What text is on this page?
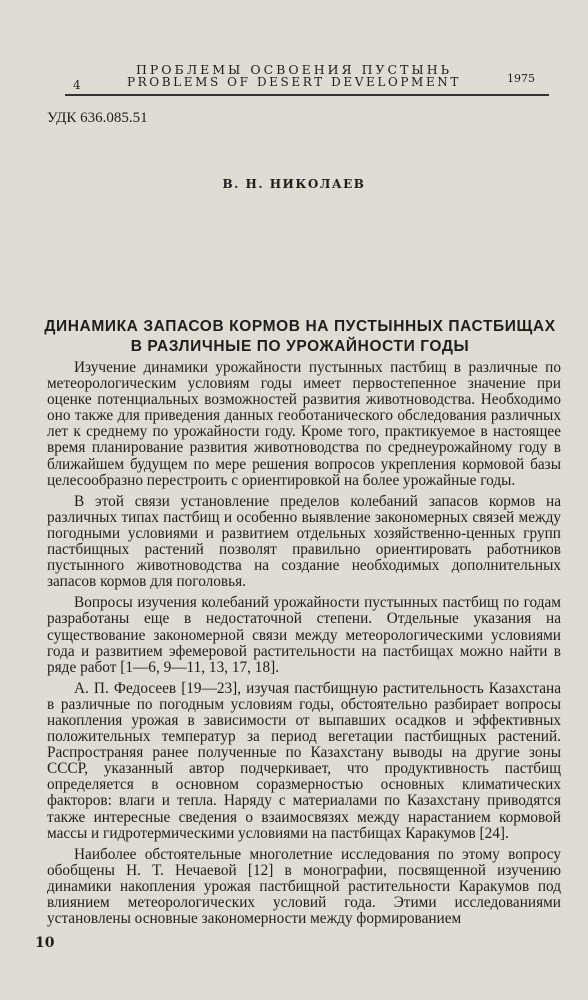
4
ПРОБЛЕМЫ ОСВОЕНИЯ ПУСТЫНЬ
PROBLEMS OF DESERT DEVELOPMENT	1975
УДК 636.085.51
В. Н. НИКОЛАЕВ
ДИНАМИКА ЗАПАСОВ КОРМОВ НА ПУСТЫННЫХ ПАСТБИЩАХ
В РАЗЛИЧНЫЕ ПО УРОЖАЙНОСТИ ГОДЫ

Изучение динамики урожайности пустынных пастбищ в различные по метеорологическим условиям годы имеет первостепенное значение при оценке потенциальных возможностей развития животноводства. Необходимо оно также для приведения данных геоботанического обследования различных лет к среднему по урожайности году. Кроме того, практикуемое в настоящее время планирование развития животноводства по среднеурожайному году в ближайшем будущем по мере решения вопросов укрепления кормовой базы целесообразно перестроить с ориентировкой на более урожайные годы.

В этой связи установление пределов колебаний запасов кормов на различных типах пастбищ и особенно выявление закономерных связей между погодными условиями и развитием отдельных хозяйственно-ценных групп пастбищных растений позволят правильно ориентировать работников пустынного животноводства на создание необходимых дополнительных запасов кормов для поголовья.

Вопросы изучения колебаний урожайности пустынных пастбищ по годам разработаны еще в недостаточной степени. Отдельные указания на существование закономерной связи между метеорологическими условиями года и развитием эфемеровой растительности на пастбищах можно найти в ряде работ [1—6, 9—11, 13, 17, 18].

А. П. Федосеев [19—23], изучая пастбищную растительность Казахстана в различные по погодным условиям годы, обстоятельно разбирает вопросы накопления урожая в зависимости от выпавших осадков и эффективных положительных температур за период вегетации пастбищных растений. Распространяя ранее полученные по Казахстану выводы на другие зоны СССР, указанный автор подчеркивает, что продуктивность пастбищ определяется в основном соразмерностью основных климатических факторов: влаги и тепла. Наряду с материалами по Казахстану приводятся также интересные сведения о взаимосвязях между нарастанием кормовой массы и гидротермическими условиями на пастбищах Каракумов [24].

Наиболее обстоятельные многолетние исследования по этому вопросу обобщены Н. Т. Нечаевой [12] в монографии, посвященной изучению динамики накопления урожая пастбищной растительности Каракумов под влиянием метеорологических условий года. Этими исследованиями установлены основные закономерности между формированием

10
